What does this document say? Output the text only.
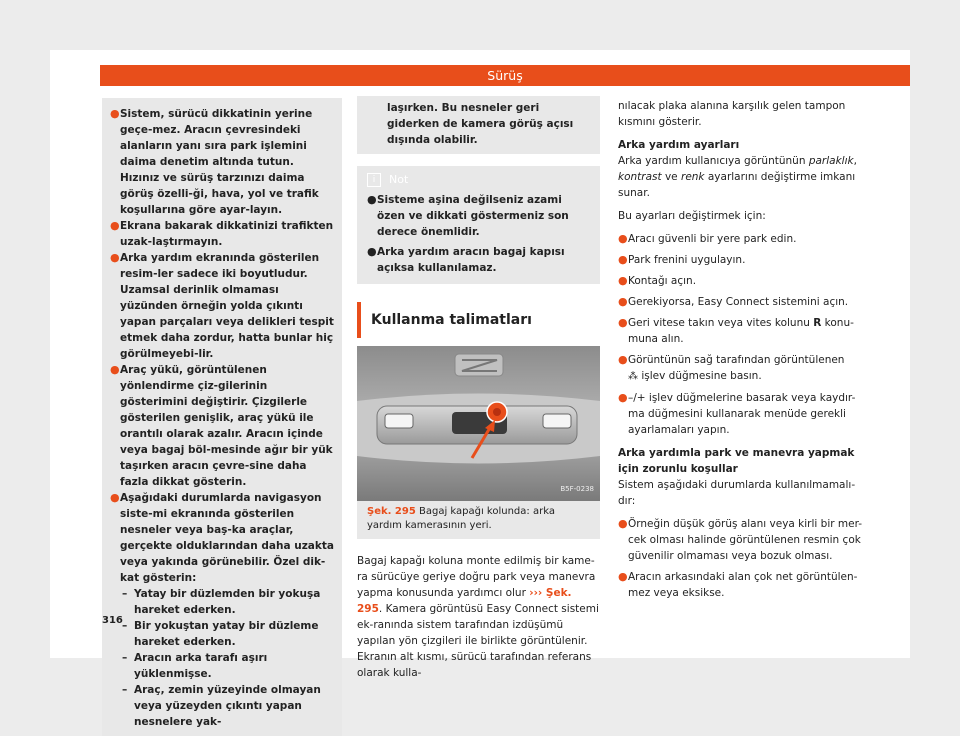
Sürüş

● Sistem, sürücü dikkatinin yerine geçe-mez. Aracın çevresindeki alanların yanı sıra park işlemini daima denetim altında tutun. Hızınız ve sürüş tarzınızı daima görüş özelli-ği, hava, yol ve trafik koşullarına göre ayar-layın.

● Ekrana bakarak dikkatinizi trafikten uzak-laştırmayın.

● Arka yardım ekranında gösterilen resim-ler sadece iki boyutludur. Uzamsal derinlik olmaması yüzünden örneğin yolda çıkıntı yapan parçaları veya delikleri tespit etmek daha zordur, hatta bunlar hiç görülmeyebi-lir.

● Araç yükü, görüntülenen yönlendirme çiz-gilerinin gösterimini değiştirir. Çizgilerle gösterilen genişlik, araç yükü ile orantılı olarak azalır. Aracın içinde veya bagaj böl-mesinde ağır bir yük taşırken aracın çevre-sine daha fazla dikkat gösterin.

● Aşağıdaki durumlarda navigasyon siste-mi ekranında gösterilen nesneler veya baş-ka araçlar, gerçekte olduklarından daha uzakta veya yakında görünebilir. Özel dik-kat gösterin:

– Yatay bir düzlemden bir yokuşa hareket ederken.

– Bir yokuştan yatay bir düzleme hareket ederken.

– Aracın arka tarafı aşırı yüklenmişse.

– Araç, zemin yüzeyinde olmayan veya yüzeyden çıkıntı yapan nesnelere yak-

laşırken. Bu nesneler geri giderken de kamera görüş açısı dışında olabilir.
i	Not

● Sisteme aşina değilseniz azami özen ve dikkati göstermeniz son derece önemlidir.

● Arka yardım aracın bagaj kapısı açıksa kullanılamaz.

Kullanma talimatları
B5F-0238
Şek. 295 Bagaj kapağı kolunda: arka yardım kamerasının yeri.

Bagaj kapağı koluna monte edilmiş bir kame-ra sürücüye geriye doğru park veya manevra yapma konusunda yardımcı olur ››› Şek. 295. Kamera görüntüsü Easy Connect sistemi ek-ranında sistem tarafından izdüşümü yapılan yön çizgileri ile birlikte görüntülenir. Ekranın alt kısmı, sürücü tarafından referans olarak kulla-

nılacak plaka alanına karşılık gelen tampon kısmını gösterir.

Arka yardım ayarları

Arka yardım kullanıcıya görüntünün parlaklık, kontrast ve renk ayarlarını değiştirme imkanı sunar.

Bu ayarları değiştirmek için:

● Aracı güvenli bir yere park edin.

● Park frenini uygulayın.

● Kontağı açın.

● Gerekiyorsa, Easy Connect sistemini açın.

● Geri vitese takın veya vites kolunu R konu-muna alın.

● Görüntünün sağ tarafından görüntülenen
⁂ işlev düğmesine basın.

● –/+ işlev düğmelerine basarak veya kaydır-ma düğmesini kullanarak menüde gerekli ayarlamaları yapın.

Arka yardımla park ve manevra yapmak için zorunlu koşullar

Sistem aşağıdaki durumlarda kullanılmamalı-dır:

● Örneğin düşük görüş alanı veya kirli bir mer-cek olması halinde görüntülenen resmin çok güvenilir olmaması veya bozuk olması.

● Aracın arkasındaki alan çok net görüntülen-mez veya eksikse.

316
